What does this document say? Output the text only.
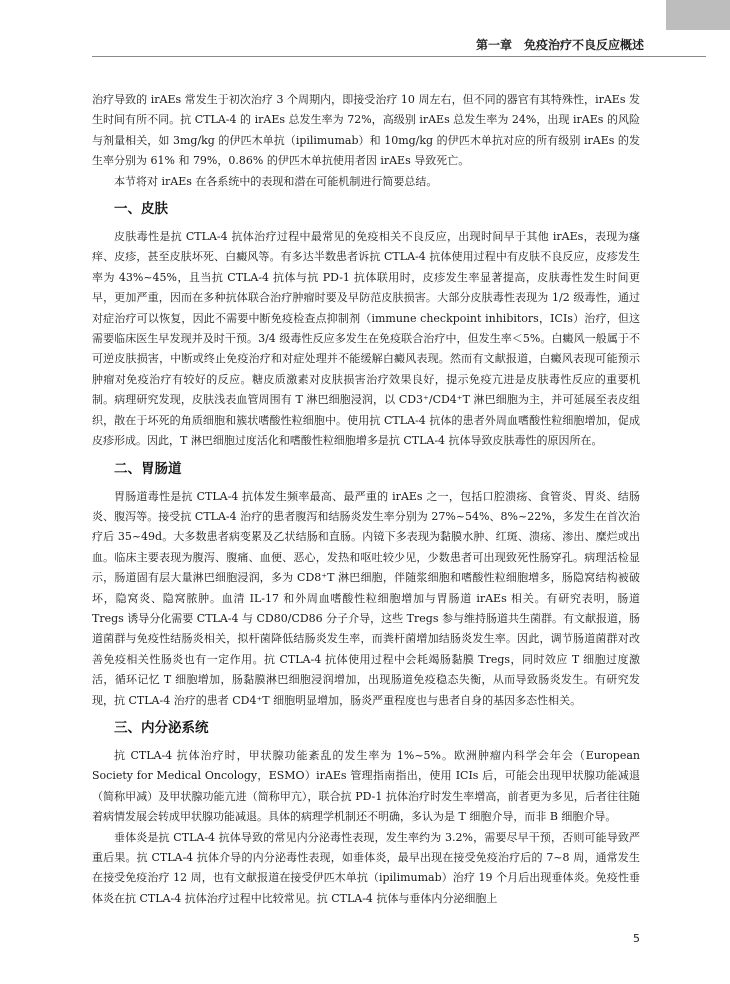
第一章　免疫治疗不良反应概述

治疗导致的 irAEs 常发生于初次治疗 3 个周期内，即接受治疗 10 周左右，但不同的器官有其特殊性，irAEs 发生时间有所不同。抗 CTLA-4 的 irAEs 总发生率为 72%，高级别 irAEs 总发生率为 24%，出现 irAEs 的风险与剂量相关，如 3mg/kg 的伊匹木单抗（ipilimumab）和 10mg/kg 的伊匹木单抗对应的所有级别 irAEs 的发生率分别为 61% 和 79%，0.86% 的伊匹木单抗使用者因 irAEs 导致死亡。

本节将对 irAEs 在各系统中的表现和潜在可能机制进行简要总结。

一、皮肤

皮肤毒性是抗 CTLA-4 抗体治疗过程中最常见的免疫相关不良反应，出现时间早于其他 irAEs，表现为瘙痒、皮疹，甚至皮肤坏死、白癜风等。有多达半数患者诉抗 CTLA-4 抗体使用过程中有皮肤不良反应，皮疹发生率为 43%~45%，且当抗 CTLA-4 抗体与抗 PD-1 抗体联用时，皮疹发生率显著提高，皮肤毒性发生时间更早，更加严重，因而在多种抗体联合治疗肿瘤时要及早防范皮肤损害。大部分皮肤毒性表现为 1/2 级毒性，通过对症治疗可以恢复，因此不需要中断免疫检查点抑制剂（immune checkpoint inhibitors，ICIs）治疗，但这需要临床医生早发现并及时干预。3/4 级毒性反应多发生在免疫联合治疗中，但发生率＜5%。白癜风一般属于不可逆皮肤损害，中断或终止免疫治疗和对症处理并不能缓解白癜风表现。然而有文献报道，白癜风表现可能预示肿瘤对免疫治疗有较好的反应。糖皮质激素对皮肤损害治疗效果良好，提示免疫亢进是皮肤毒性反应的重要机制。病理研究发现，皮肤浅表血管周围有 T 淋巴细胞浸润，以 CD3⁺/CD4⁺T 淋巴细胞为主，并可延展至表皮组织，散在于坏死的角质细胞和簇状嗜酸性粒细胞中。使用抗 CTLA-4 抗体的患者外周血嗜酸性粒细胞增加，促成皮疹形成。因此，T 淋巴细胞过度活化和嗜酸性粒细胞增多是抗 CTLA-4 抗体导致皮肤毒性的原因所在。

二、胃肠道

胃肠道毒性是抗 CTLA-4 抗体发生频率最高、最严重的 irAEs 之一，包括口腔溃疡、食管炎、胃炎、结肠炎、腹泻等。接受抗 CTLA-4 治疗的患者腹泻和结肠炎发生率分别为 27%~54%、8%~22%，多发生在首次治疗后 35~49d。大多数患者病变累及乙状结肠和直肠。内镜下多表现为黏膜水肿、红斑、溃疡、渗出、糜烂或出血。临床主要表现为腹泻、腹痛、血便、恶心，发热和呕吐较少见，少数患者可出现致死性肠穿孔。病理活检显示，肠道固有层大量淋巴细胞浸润，多为 CD8⁺T 淋巴细胞，伴随浆细胞和嗜酸性粒细胞增多，肠隐窝结构被破坏，隐窝炎、隐窝脓肿。血清 IL-17 和外周血嗜酸性粒细胞增加与胃肠道 irAEs 相关。有研究表明，肠道 Tregs 诱导分化需要 CTLA-4 与 CD80/CD86 分子介导，这些 Tregs 参与维持肠道共生菌群。有文献报道，肠道菌群与免疫性结肠炎相关，拟杆菌降低结肠炎发生率，而粪杆菌增加结肠炎发生率。因此，调节肠道菌群对改善免疫相关性肠炎也有一定作用。抗 CTLA-4 抗体使用过程中会耗竭肠黏膜 Tregs，同时效应 T 细胞过度激活，循环记忆 T 细胞增加，肠黏膜淋巴细胞浸润增加，出现肠道免疫稳态失衡，从而导致肠炎发生。有研究发现，抗 CTLA-4 治疗的患者 CD4⁺T 细胞明显增加，肠炎严重程度也与患者自身的基因多态性相关。

三、内分泌系统

抗 CTLA-4 抗体治疗时，甲状腺功能紊乱的发生率为 1%~5%。欧洲肿瘤内科学会年会（European Society for Medical Oncology，ESMO）irAEs 管理指南指出，使用 ICIs 后，可能会出现甲状腺功能减退（简称甲减）及甲状腺功能亢进（简称甲亢），联合抗 PD-1 抗体治疗时发生率增高，前者更为多见，后者往往随着病情发展会转成甲状腺功能减退。具体的病理学机制还不明确，多认为是 T 细胞介导，而非 B 细胞介导。

垂体炎是抗 CTLA-4 抗体导致的常见内分泌毒性表现，发生率约为 3.2%，需要尽早干预，否则可能导致严重后果。抗 CTLA-4 抗体介导的内分泌毒性表现，如垂体炎，最早出现在接受免疫治疗后的 7~8 周，通常发生在接受免疫治疗 12 周，也有文献报道在接受伊匹木单抗（ipilimumab）治疗 19 个月后出现垂体炎。免疫性垂体炎在抗 CTLA-4 抗体治疗过程中比较常见。抗 CTLA-4 抗体与垂体内分泌细胞上

5
